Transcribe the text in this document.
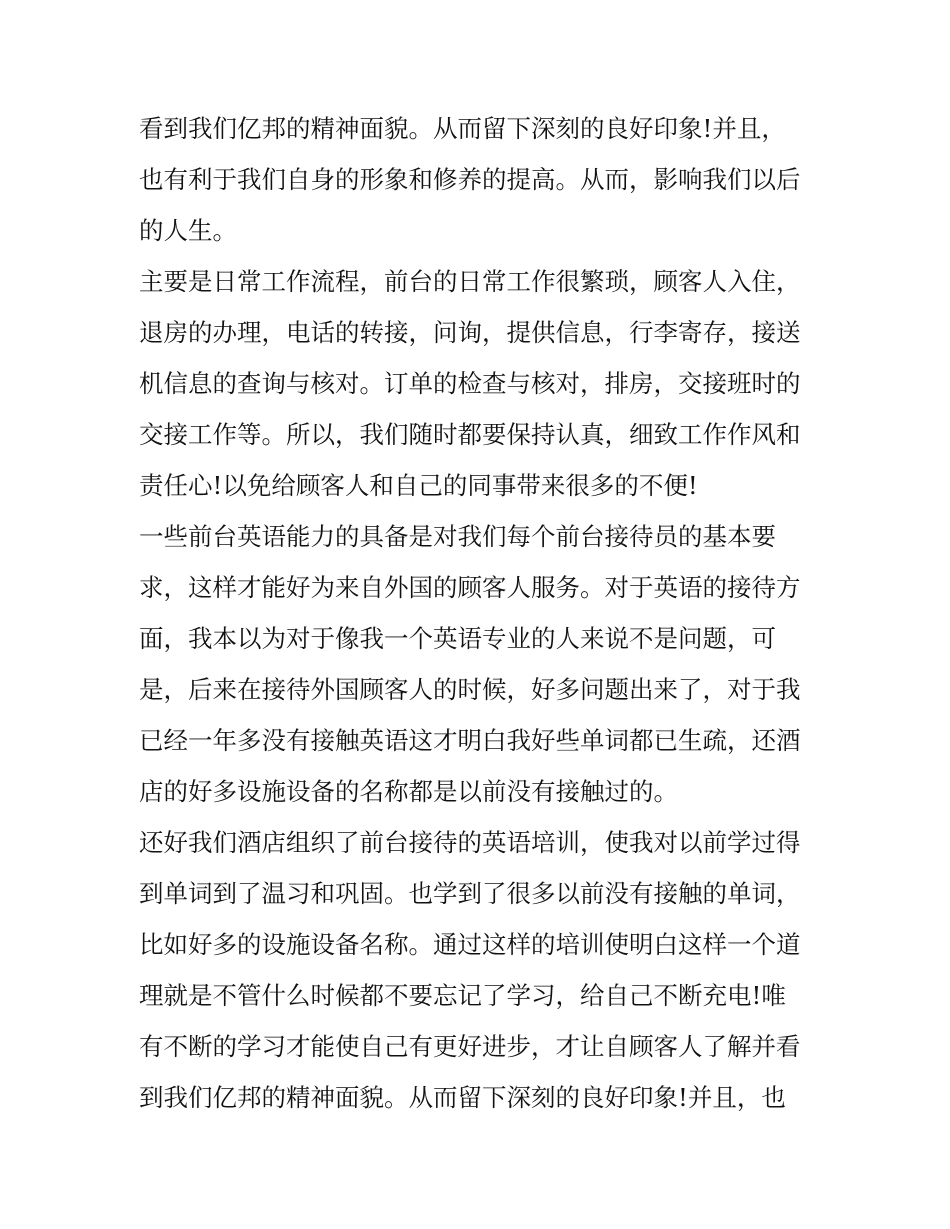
看到我们亿邦的精神面貌。从而留下深刻的良好印象!并且，
也有利于我们自身的形象和修养的提高。从而，影响我们以后
的人生。
主要是日常工作流程，前台的日常工作很繁琐，顾客人入住，
退房的办理，电话的转接，问询，提供信息，行李寄存，接送
机信息的查询与核对。订单的检查与核对，排房，交接班时的
交接工作等。所以，我们随时都要保持认真，细致工作作风和
责任心!以免给顾客人和自己的同事带来很多的不便!
一些前台英语能力的具备是对我们每个前台接待员的基本要
求，这样才能好为来自外国的顾客人服务。对于英语的接待方
面，我本以为对于像我一个英语专业的人来说不是问题，可
是，后来在接待外国顾客人的时候，好多问题出来了，对于我
已经一年多没有接触英语这才明白我好些单词都已生疏，还酒
店的好多设施设备的名称都是以前没有接触过的。
还好我们酒店组织了前台接待的英语培训，使我对以前学过得
到单词到了温习和巩固。也学到了很多以前没有接触的单词，
比如好多的设施设备名称。通过这样的培训使明白这样一个道
理就是不管什么时候都不要忘记了学习，给自己不断充电!唯
有不断的学习才能使自己有更好进步，才让自顾客人了解并看
到我们亿邦的精神面貌。从而留下深刻的良好印象!并且，也
